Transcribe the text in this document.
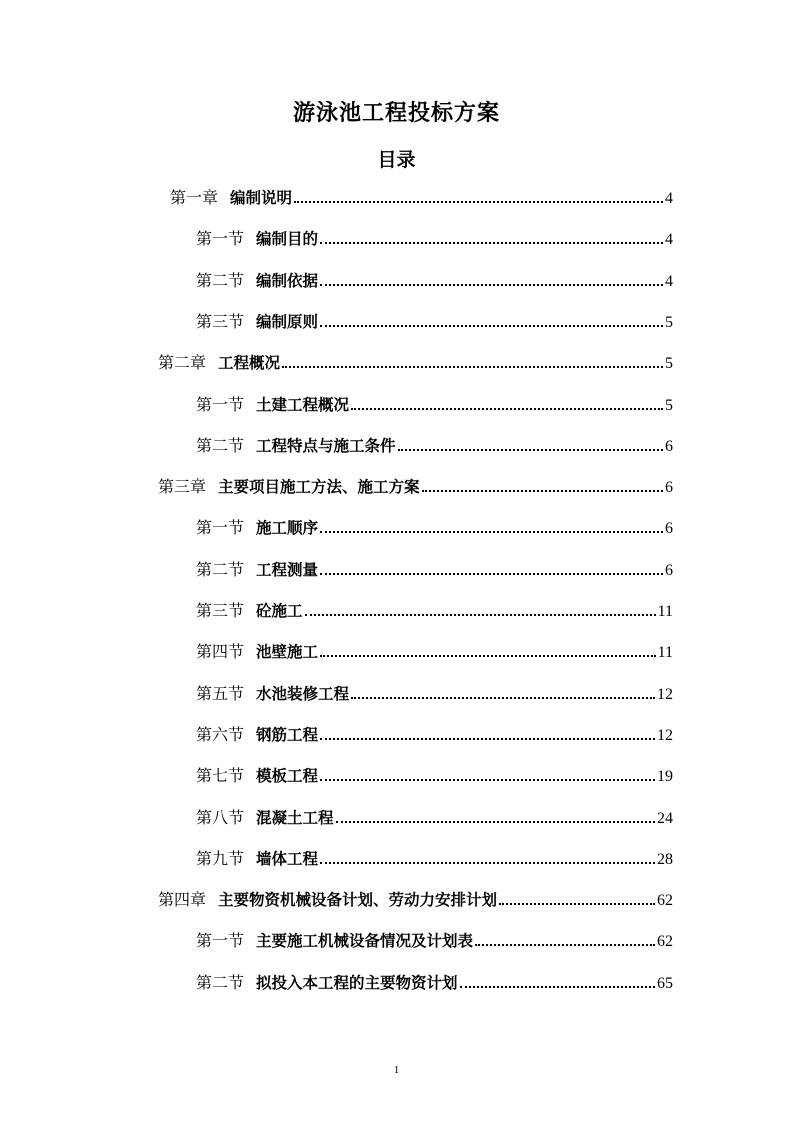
游泳池工程投标方案
目录
第一章 编制说明	4
第一节 编制目的	4
第二节 编制依据	4
第三节 编制原则	5
第二章 工程概况	5
第一节 土建工程概况	5
第二节 工程特点与施工条件	6
第三章 主要项目施工方法、施工方案	6
第一节 施工顺序	6
第二节 工程测量	6
第三节 砼施工	11
第四节 池壁施工	11
第五节 水池装修工程	12
第六节 钢筋工程	12
第七节 模板工程	19
第八节 混凝土工程	24
第九节 墙体工程	28
第四章 主要物资机械设备计划、劳动力安排计划	62
第一节 主要施工机械设备情况及计划表	62
第二节 拟投入本工程的主要物资计划	65
1
